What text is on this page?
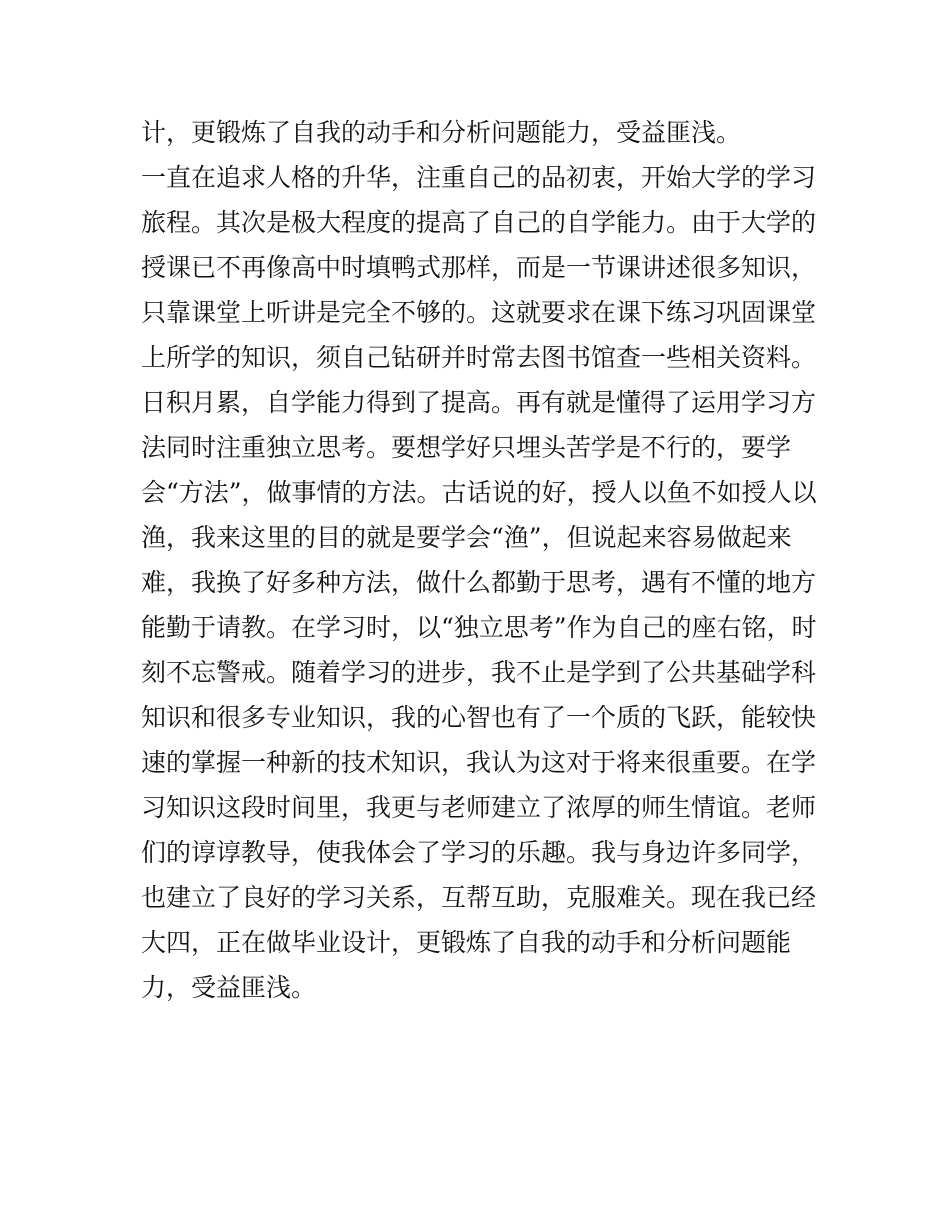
计，更锻炼了自我的动手和分析问题能力，受益匪浅。
一直在追求人格的升华，注重自己的品初衷，开始大学的学习
旅程。其次是极大程度的提高了自己的自学能力。由于大学的
授课已不再像高中时填鸭式那样，而是一节课讲述很多知识，
只靠课堂上听讲是完全不够的。这就要求在课下练习巩固课堂
上所学的知识，须自己钻研并时常去图书馆查一些相关资料。
日积月累，自学能力得到了提高。再有就是懂得了运用学习方
法同时注重独立思考。要想学好只埋头苦学是不行的，要学
会“方法”，做事情的方法。古话说的好，授人以鱼不如授人以
渔，我来这里的目的就是要学会“渔”，但说起来容易做起来
难，我换了好多种方法，做什么都勤于思考，遇有不懂的地方
能勤于请教。在学习时，以“独立思考”作为自己的座右铭，时
刻不忘警戒。随着学习的进步，我不止是学到了公共基础学科
知识和很多专业知识，我的心智也有了一个质的飞跃，能较快
速的掌握一种新的技术知识，我认为这对于将来很重要。在学
习知识这段时间里，我更与老师建立了浓厚的师生情谊。老师
们的谆谆教导，使我体会了学习的乐趣。我与身边许多同学，
也建立了良好的学习关系，互帮互助，克服难关。现在我已经
大四，正在做毕业设计，更锻炼了自我的动手和分析问题能
力，受益匪浅。
